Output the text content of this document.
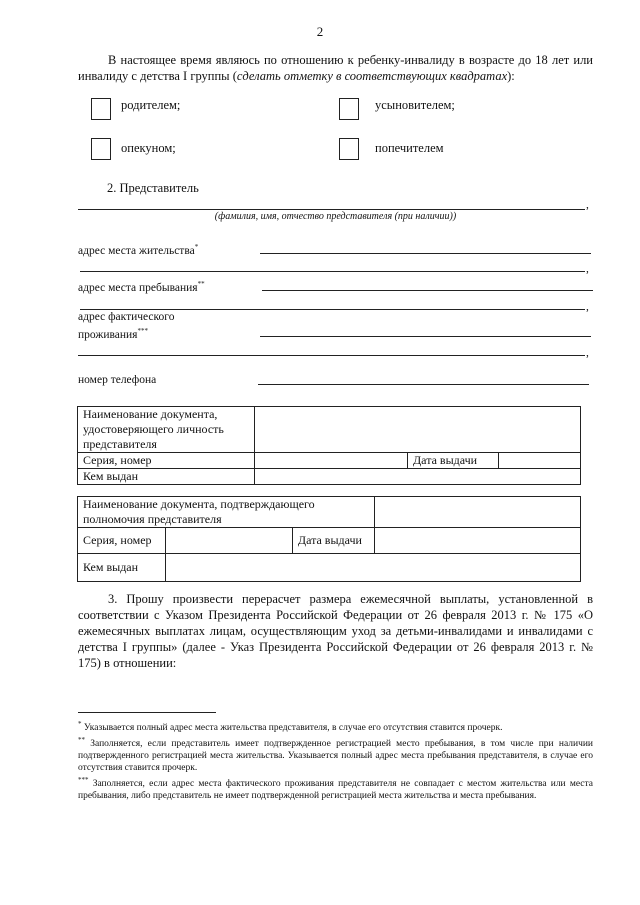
2
В настоящее время являюсь по отношению к ребенку-инвалиду в возрасте до 18 лет или инвалиду с детства I группы (сделать отметку в соответствующих квадратах):
родителем;	усыновителем;
опекуном;	попечителем
2. Представитель
,
(фамилия, имя, отчество представителя (при наличии))
адрес места жительства*
,
адрес места пребывания**
,
адрес фактического
проживания***
,
номер телефона
Наименование документа, удостоверяющего личность представителя			
Серия, номер		Дата выдачи	
Кем выдан			
Наименование документа, подтверждающего полномочия представителя			
Серия, номер		Дата выдачи	
Кем выдан			
3. Прошу произвести перерасчет размера ежемесячной выплаты, установленной в соответствии с Указом Президента Российской Федерации от 26 февраля 2013 г. № 175 «О ежемесячных выплатах лицам, осуществляющим уход за детьми-инвалидами и инвалидами с детства I группы» (далее - Указ Президента Российской Федерации от 26 февраля 2013 г. № 175) в отношении:
* Указывается полный адрес места жительства представителя, в случае его отсутствия ставится прочерк.
** Заполняется, если представитель имеет подтвержденное регистрацией место пребывания, в том числе при наличии подтвержденного регистрацией места жительства. Указывается полный адрес места пребывания представителя, в случае его отсутствия ставится прочерк.
*** Заполняется, если адрес места фактического проживания представителя не совпадает с местом жительства или места пребывания, либо представитель не имеет подтвержденной регистрацией места жительства и места пребывания.
